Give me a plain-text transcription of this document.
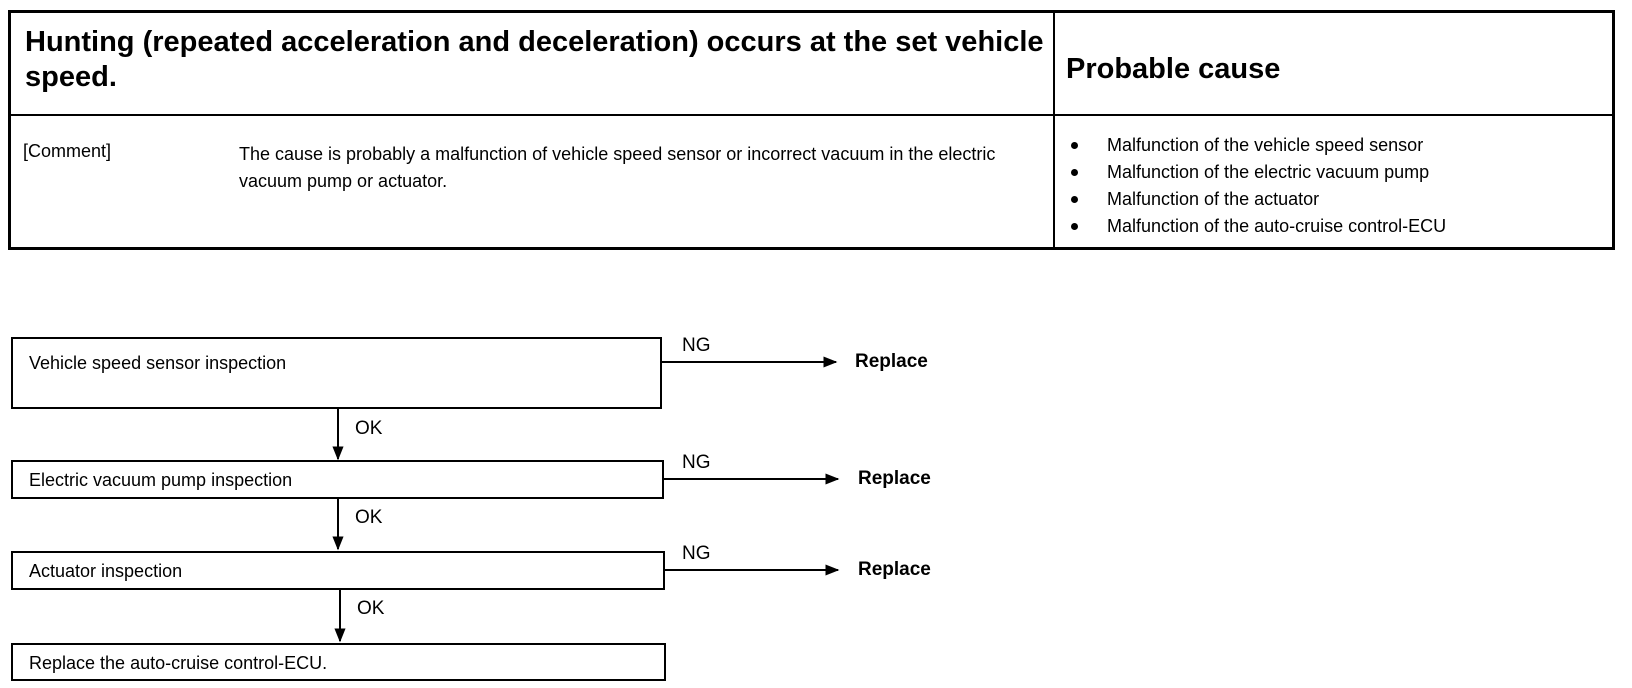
Hunting (repeated acceleration and deceleration) occurs at the set vehicle speed.	Probable cause
[Comment]	The cause is probably a malfunction of vehicle speed sensor or incorrect vacuum in the electric vacuum pump or actuator.
Malfunction of the vehicle speed sensor
Malfunction of the electric vacuum pump
Malfunction of the actuator
Malfunction of the auto-cruise control-ECU
Vehicle speed sensor inspection
Electric vacuum pump inspection
Actuator inspection
Replace the auto-cruise control-ECU.
NG
NG
NG
OK
OK
OK
Replace
Replace
Replace
